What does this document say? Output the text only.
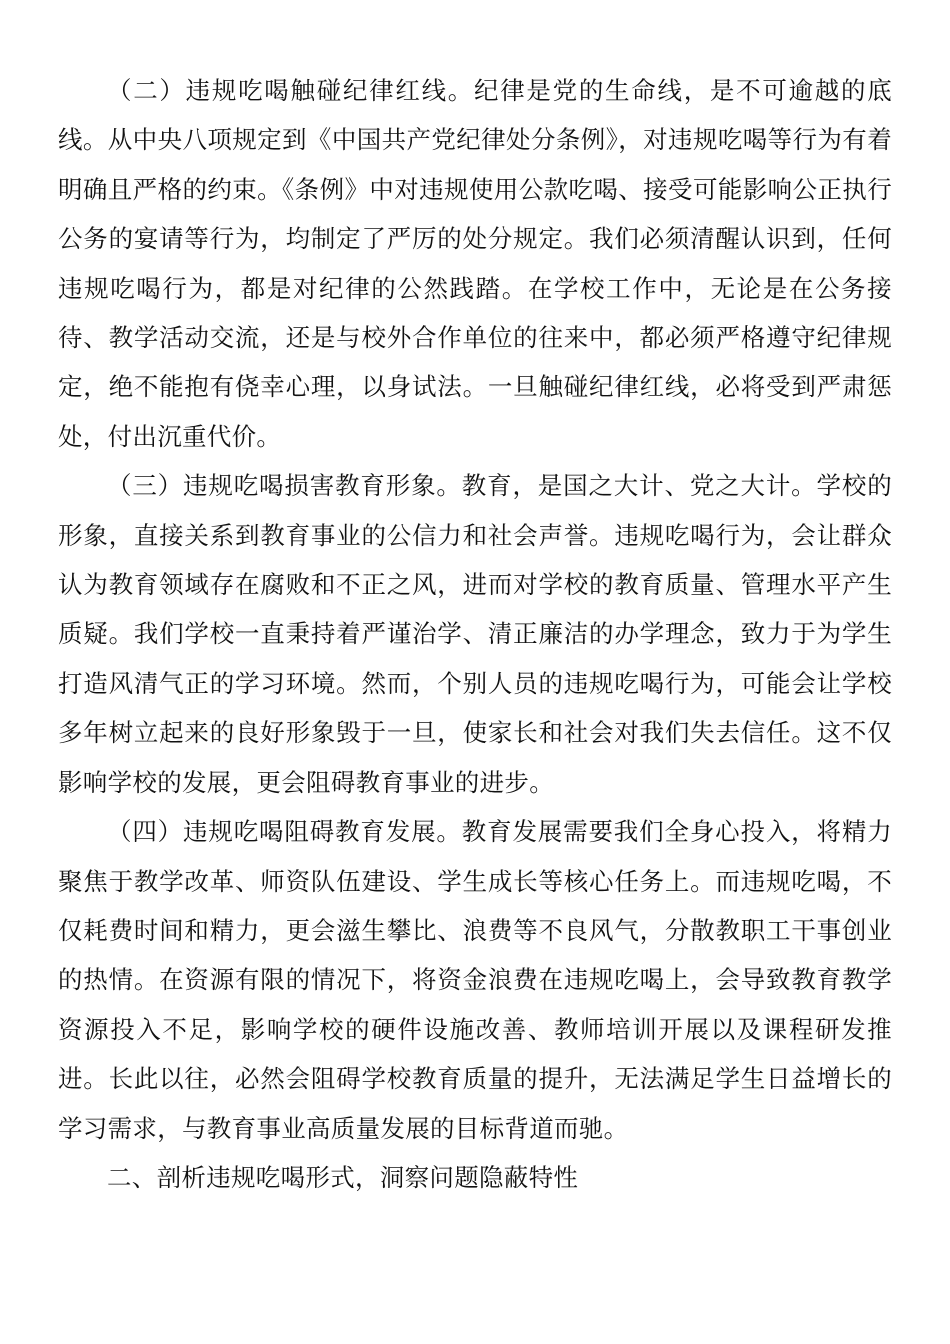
（二）违规吃喝触碰纪律红线。纪律是党的生命线，是不可逾越的底线。从中央八项规定到《中国共产党纪律处分条例》，对违规吃喝等行为有着明确且严格的约束。《条例》中对违规使用公款吃喝、接受可能影响公正执行公务的宴请等行为，均制定了严厉的处分规定。我们必须清醒认识到，任何违规吃喝行为，都是对纪律的公然践踏。在学校工作中，无论是在公务接待、教学活动交流，还是与校外合作单位的往来中，都必须严格遵守纪律规定，绝不能抱有侥幸心理，以身试法。一旦触碰纪律红线，必将受到严肃惩处，付出沉重代价。

（三）违规吃喝损害教育形象。教育，是国之大计、党之大计。学校的形象，直接关系到教育事业的公信力和社会声誉。违规吃喝行为，会让群众认为教育领域存在腐败和不正之风，进而对学校的教育质量、管理水平产生质疑。我们学校一直秉持着严谨治学、清正廉洁的办学理念，致力于为学生打造风清气正的学习环境。然而，个别人员的违规吃喝行为，可能会让学校多年树立起来的良好形象毁于一旦，使家长和社会对我们失去信任。这不仅影响学校的发展，更会阻碍教育事业的进步。

（四）违规吃喝阻碍教育发展。教育发展需要我们全身心投入，将精力聚焦于教学改革、师资队伍建设、学生成长等核心任务上。而违规吃喝，不仅耗费时间和精力，更会滋生攀比、浪费等不良风气，分散教职工干事创业的热情。在资源有限的情况下，将资金浪费在违规吃喝上，会导致教育教学资源投入不足，影响学校的硬件设施改善、教师培训开展以及课程研发推进。长此以往，必然会阻碍学校教育质量的提升，无法满足学生日益增长的学习需求，与教育事业高质量发展的目标背道而驰。

二、剖析违规吃喝形式，洞察问题隐蔽特性
